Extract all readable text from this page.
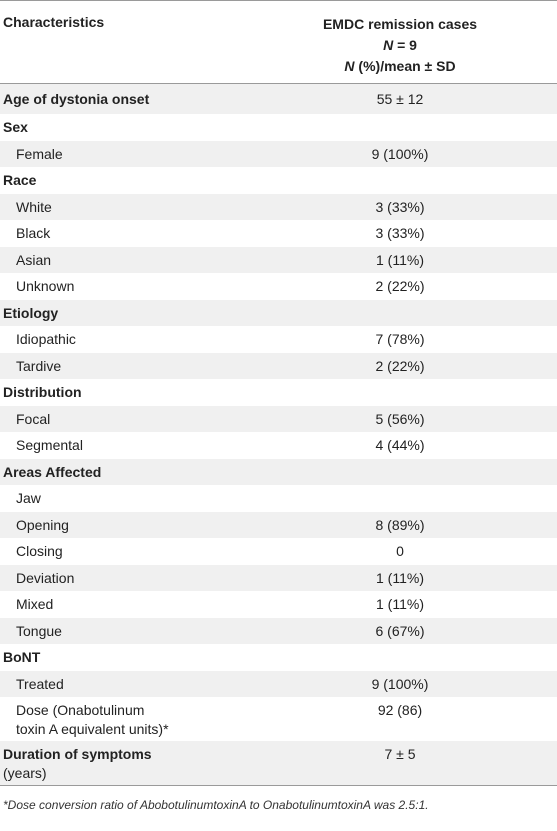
Characteristics	EMDC remission cases
N = 9
N (%)/mean ± SD
Age of dystonia onset	55 ± 12
Sex
Female	9 (100%)
Race
White	3 (33%)
Black	3 (33%)
Asian	1 (11%)
Unknown	2 (22%)
Etiology
Idiopathic	7 (78%)
Tardive	2 (22%)
Distribution
Focal	5 (56%)
Segmental	4 (44%)
Areas Affected
Jaw
Opening	8 (89%)
Closing	0
Deviation	1 (11%)
Mixed	1 (11%)
Tongue	6 (67%)
BoNT
Treated	9 (100%)
Dose (Onabotulinum
toxin A equivalent units)*
92 (86)
Duration of symptoms
(years)
7 ± 5
*Dose conversion ratio of AbobotulinumtoxinA to OnabotulinumtoxinA was 2.5:1.
